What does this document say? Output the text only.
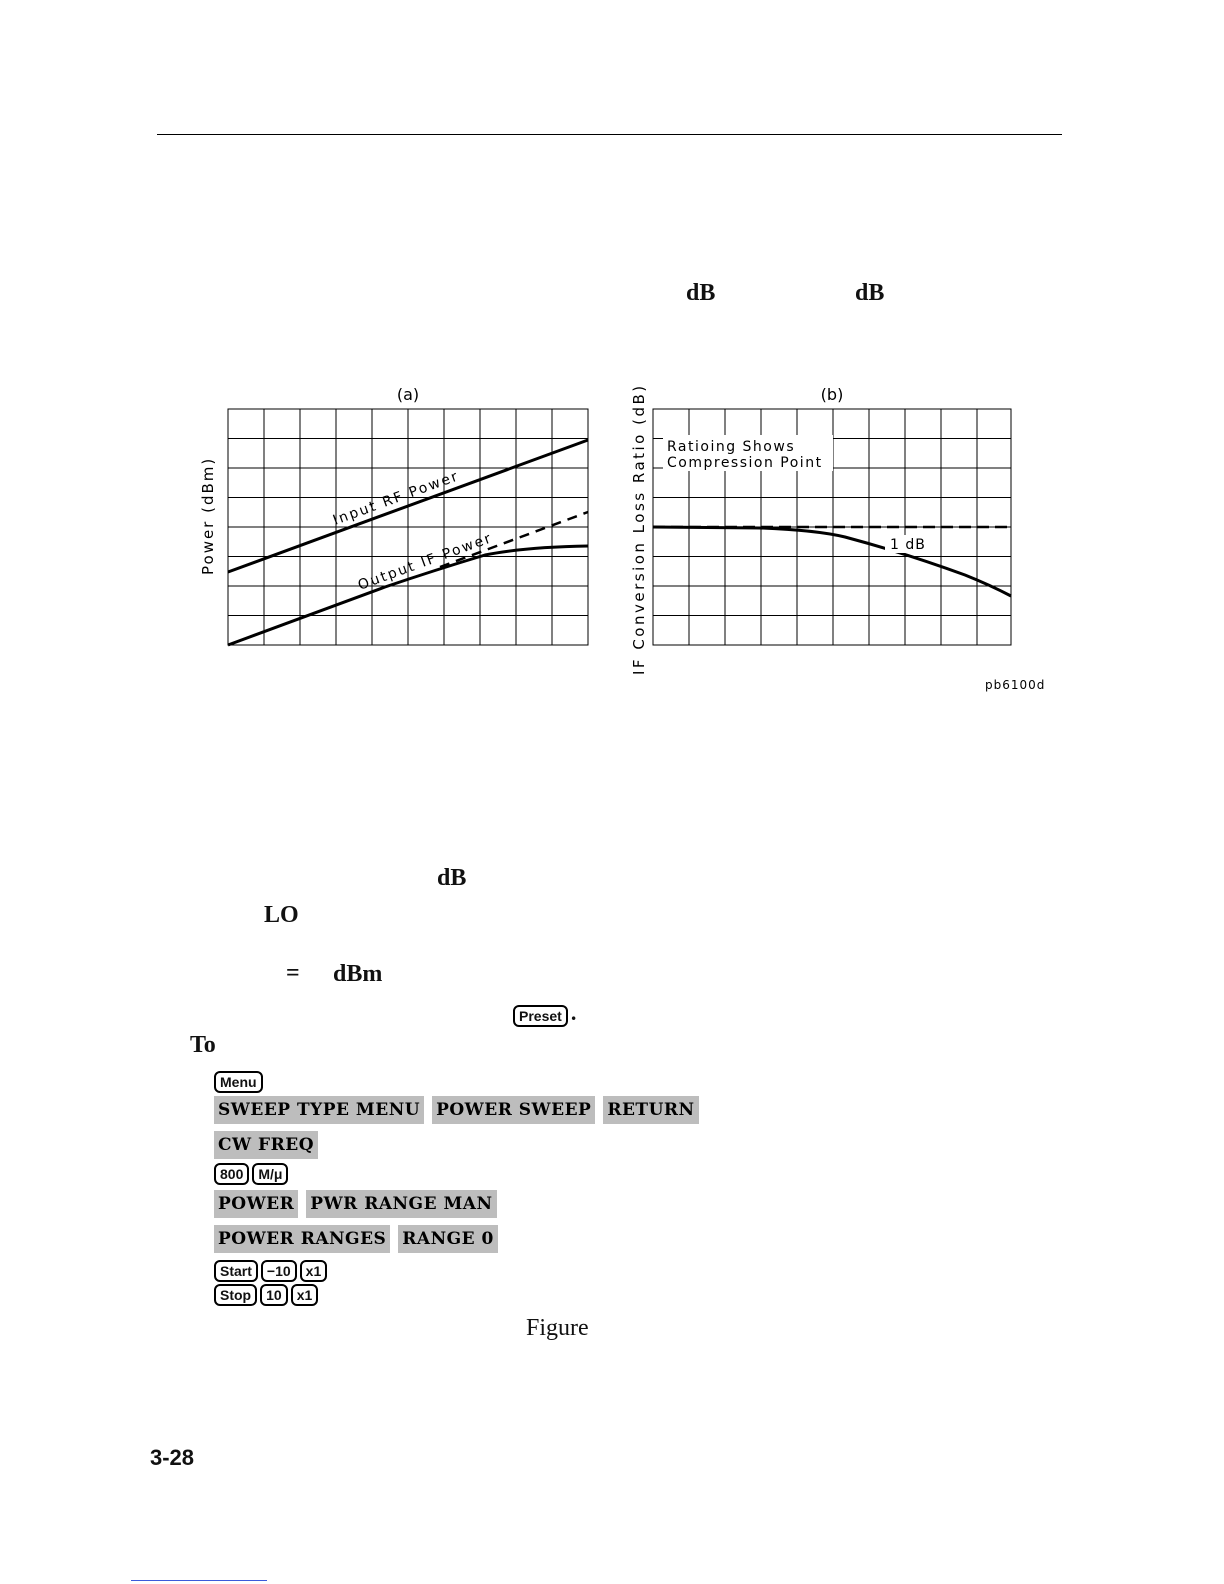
dB	dB
(a)	(b)
Power (dBm)	IF Conversion Loss Ratio (dB)
Input RF Power
Output IF Power
Ratioing Shows
Compression Point
1 dB
pb6100d
dB
LO
= dBm
Preset .
To
Menu
SWEEP TYPE MENU POWER SWEEP RETURN
CW FREQ
800 M/μ
POWER PWR RANGE MAN
POWER RANGES RANGE 0
Start −10 x1
Stop 10 x1
Figure
3-28
